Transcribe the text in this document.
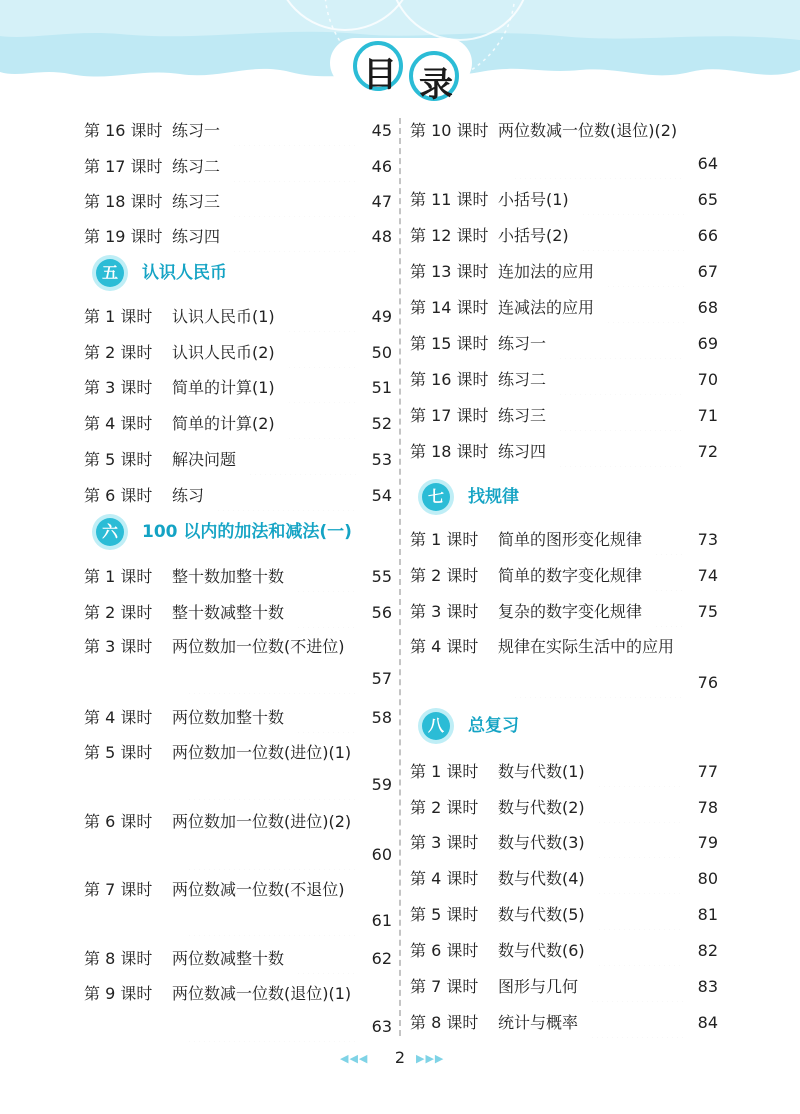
目 录
第 16 课时 练习一	45
第 17 课时 练习二	46
第 18 课时 练习三	47
第 19 课时 练习四	48
五	认识人民币
第 1 课时 认识人民币(1)	49
第 2 课时 认识人民币(2)	50
第 3 课时 简单的计算(1)	51
第 4 课时 简单的计算(2)	52
第 5 课时 解决问题	53
第 6 课时 练习	54
六	100 以内的加法和减法(一)
第 1 课时 整十数加整十数	55
第 2 课时 整十数减整十数	56
第 3 课时 两位数加一位数(不进位)
57
第 4 课时 两位数加整十数	58
第 5 课时 两位数加一位数(进位)(1)
59
第 6 课时 两位数加一位数(进位)(2)
60
第 7 课时 两位数减一位数(不退位)
61
第 8 课时 两位数减整十数	62
第 9 课时 两位数减一位数(退位)(1)
63
第 10 课时 两位数减一位数(退位)(2)
64
第 11 课时 小括号(1)	65
第 12 课时 小括号(2)	66
第 13 课时 连加法的应用	67
第 14 课时 连减法的应用	68
第 15 课时 练习一	69
第 16 课时 练习二	70
第 17 课时 练习三	71
第 18 课时 练习四	72
七	找规律
第 1 课时 简单的图形变化规律	73
第 2 课时 简单的数字变化规律	74
第 3 课时 复杂的数字变化规律	75
第 4 课时 规律在实际生活中的应用
76
八	总复习
第 1 课时 数与代数(1)	77
第 2 课时 数与代数(2)	78
第 3 课时 数与代数(3)	79
第 4 课时 数与代数(4)	80
第 5 课时 数与代数(5)	81
第 6 课时 数与代数(6)	82
第 7 课时 图形与几何	83
第 8 课时 统计与概率	84
◀◀◀ 2 ▶▶▶
